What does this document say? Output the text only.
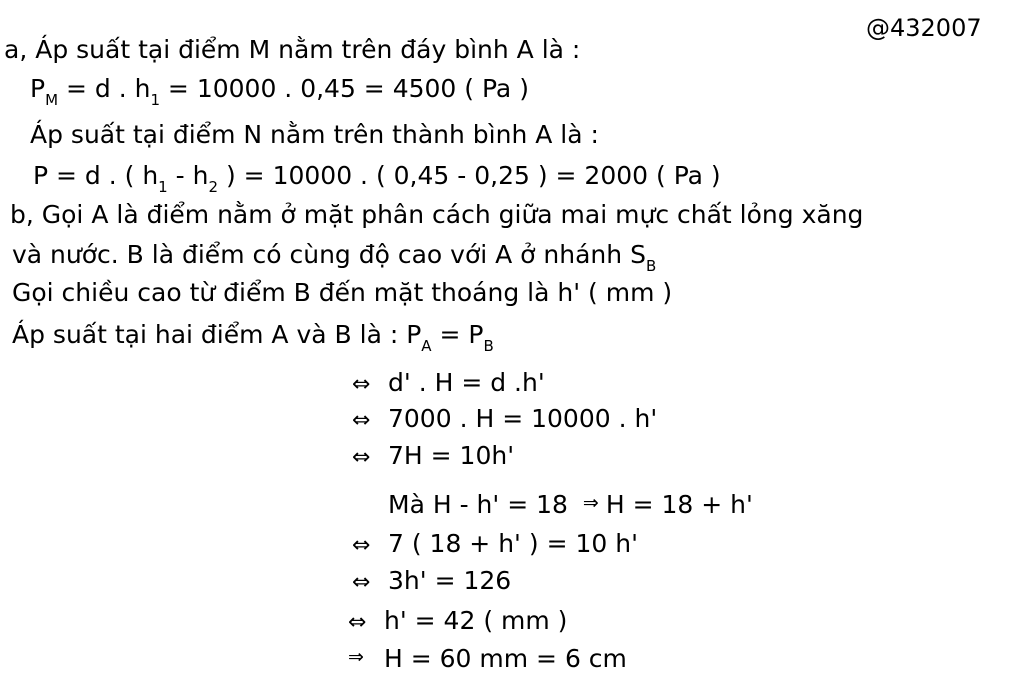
@432007
a, Áp suất tại điểm M nằm trên đáy bình A là :
$P_M = d$ . $h_1 = 10000$ . 0,45 = 4500 ( Pa )
Áp suất tại điểm N nằm trên thành bình A là :
P = d . ( $h_1 - h_2$ ) = 10000 . ( 0,45 - 0,25 ) = 2000 ( Pa )
b, Gọi A là điểm nằm ở mặt phân cách giữa mai mực chất lỏng xăng
và nước. B là điểm có cùng độ cao với A ở nhánh $S_B$
Gọi chiều cao từ điểm B đến mặt thoáng là h' ( mm )
Áp suất tại hai điểm A và B là : $P_A = P_B$
⇔ d' . H = d .h'
⇔ 7000 . H = 10000 . h'
⇔ 7H = 10h'
Mà H - h' = 18 ⇒ H = 18 + h'
⇔ 7 ( 18 + h' ) = 10 h'
⇔ 3h' = 126
⇔ h' = 42 ( mm )
⇒ H = 60 mm = 6 cm
